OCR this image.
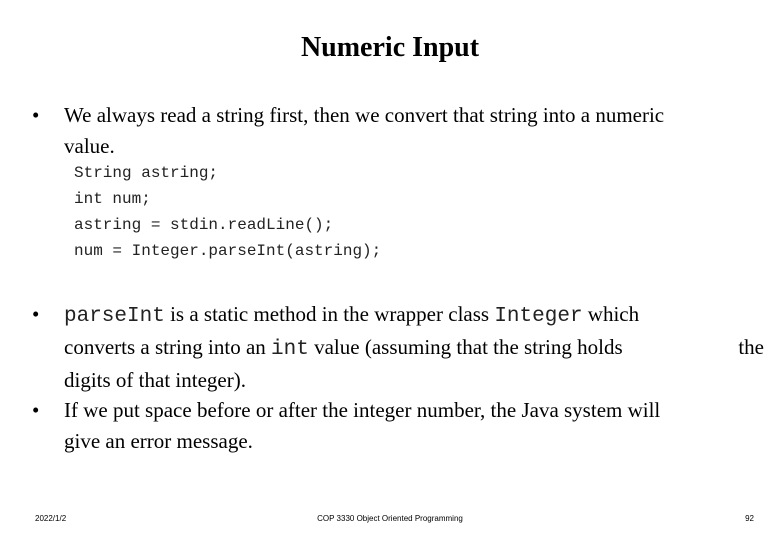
Numeric Input
• We always read a string first, then we convert that string into a numeric
value.
String astring;
int num;
astring = stdin.readLine();
num = Integer.parseInt(astring);
• parseInt is a static method in the wrapper class Integer which
converts a string into an int value (assuming that the string holds	the
digits of that integer).
• If we put space before or after the integer number, the Java system will
give an error message.
2022/1/2	COP 3330 Object Oriented Programming	92
